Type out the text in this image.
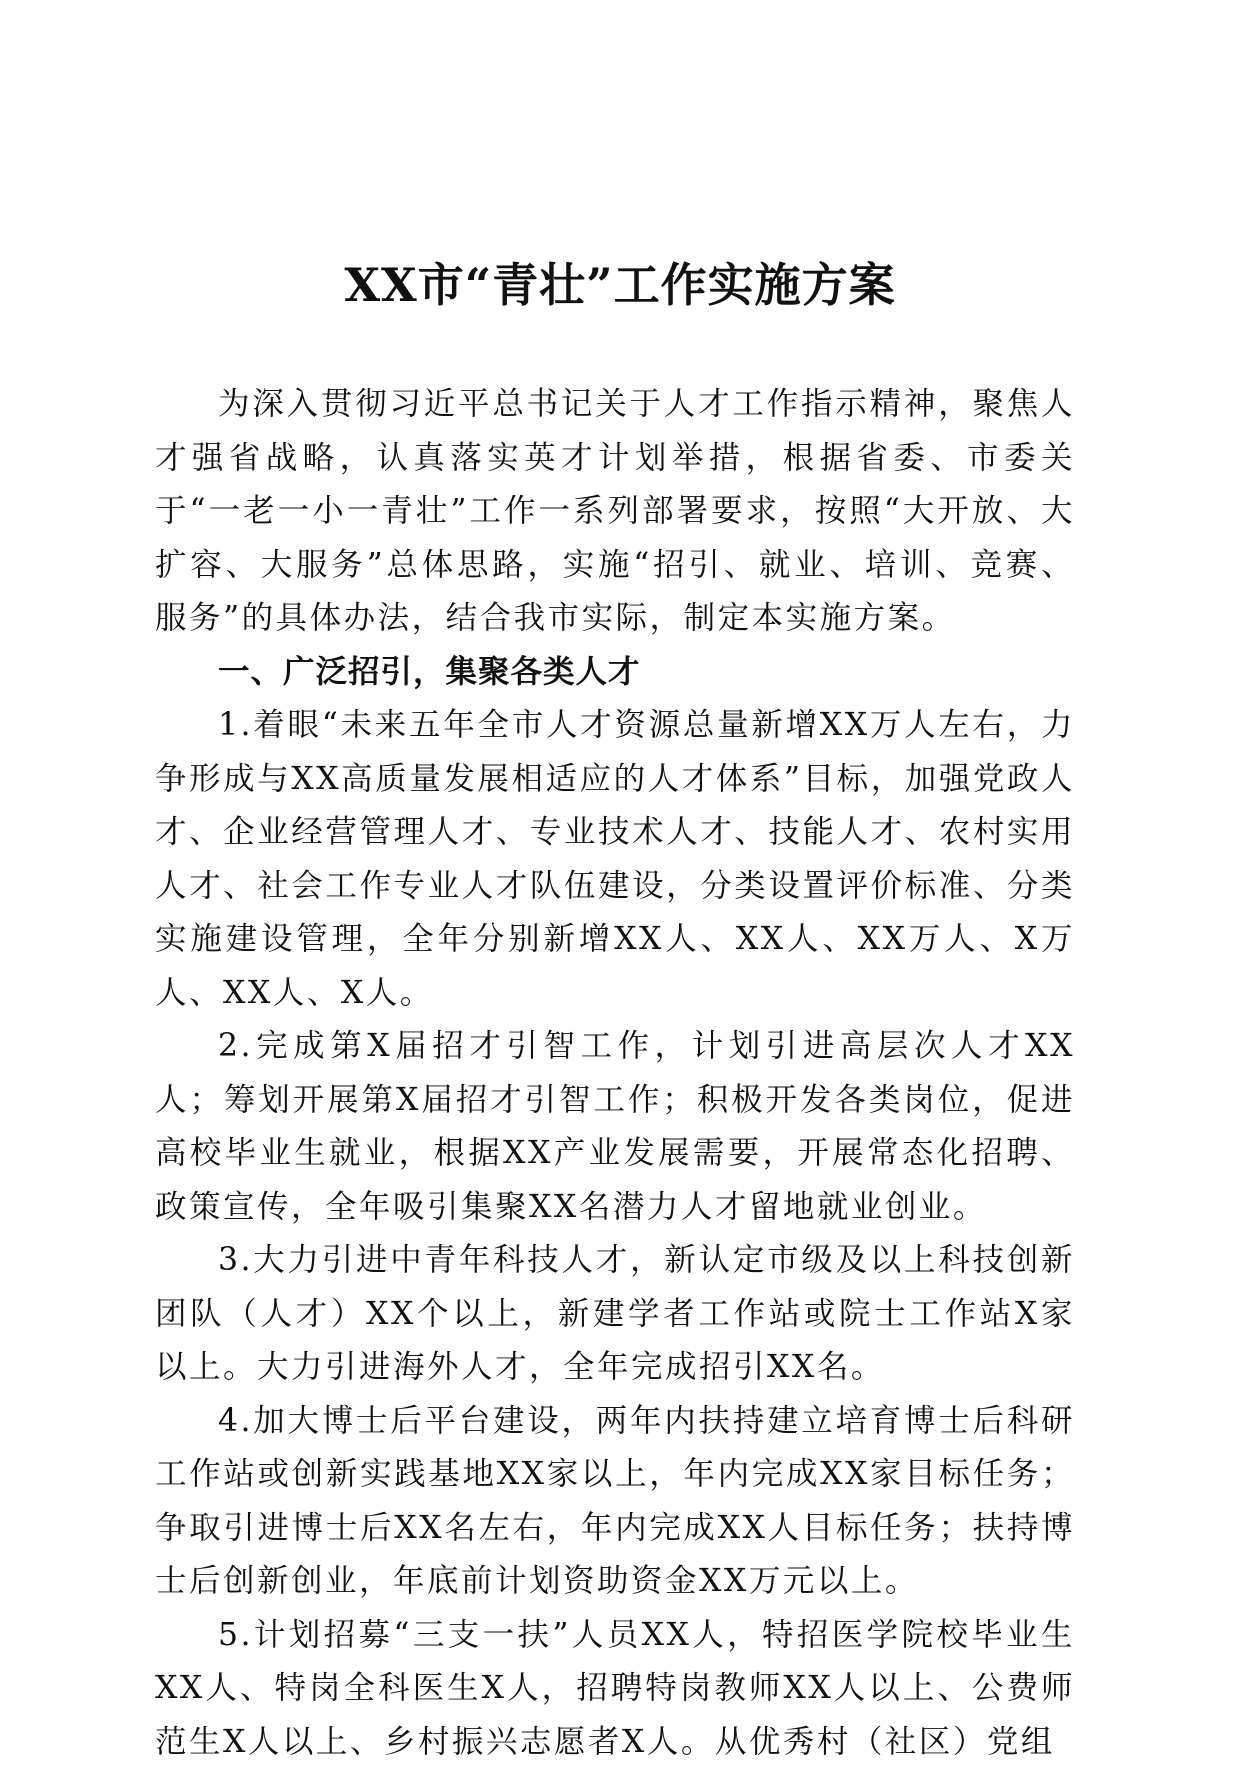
XX市“青壮”工作实施方案

为深入贯彻习近平总书记关于人才工作指示精神，聚焦人才强省战略，认真落实英才计划举措，根据省委、市委关于“一老一小一青壮”工作一系列部署要求，按照“大开放、大扩容、大服务”总体思路，实施“招引、就业、培训、竞赛、服务”的具体办法，结合我市实际，制定本实施方案。

一、广泛招引，集聚各类人才

1.着眼“未来五年全市人才资源总量新增XX万人左右，力争形成与XX高质量发展相适应的人才体系”目标，加强党政人才、企业经营管理人才、专业技术人才、技能人才、农村实用人才、社会工作专业人才队伍建设，分类设置评价标准、分类实施建设管理，全年分别新增XX人、XX人、XX万人、X万人、XX人、X人。

2.完成第X届招才引智工作，计划引进高层次人才XX人；筹划开展第X届招才引智工作；积极开发各类岗位，促进高校毕业生就业，根据XX产业发展需要，开展常态化招聘、政策宣传，全年吸引集聚XX名潜力人才留地就业创业。

3.大力引进中青年科技人才，新认定市级及以上科技创新团队（人才）XX个以上，新建学者工作站或院士工作站X家以上。大力引进海外人才，全年完成招引XX名。

4.加大博士后平台建设，两年内扶持建立培育博士后科研工作站或创新实践基地XX家以上，年内完成XX家目标任务；争取引进博士后XX名左右，年内完成XX人目标任务；扶持博士后创新创业，年底前计划资助资金XX万元以上。

5.计划招募“三支一扶”人员XX人，特招医学院校毕业生XX人、特岗全科医生X人，招聘特岗教师XX人以上、公费师范生X人以上、乡村振兴志愿者X人。从优秀村（社区）党组
